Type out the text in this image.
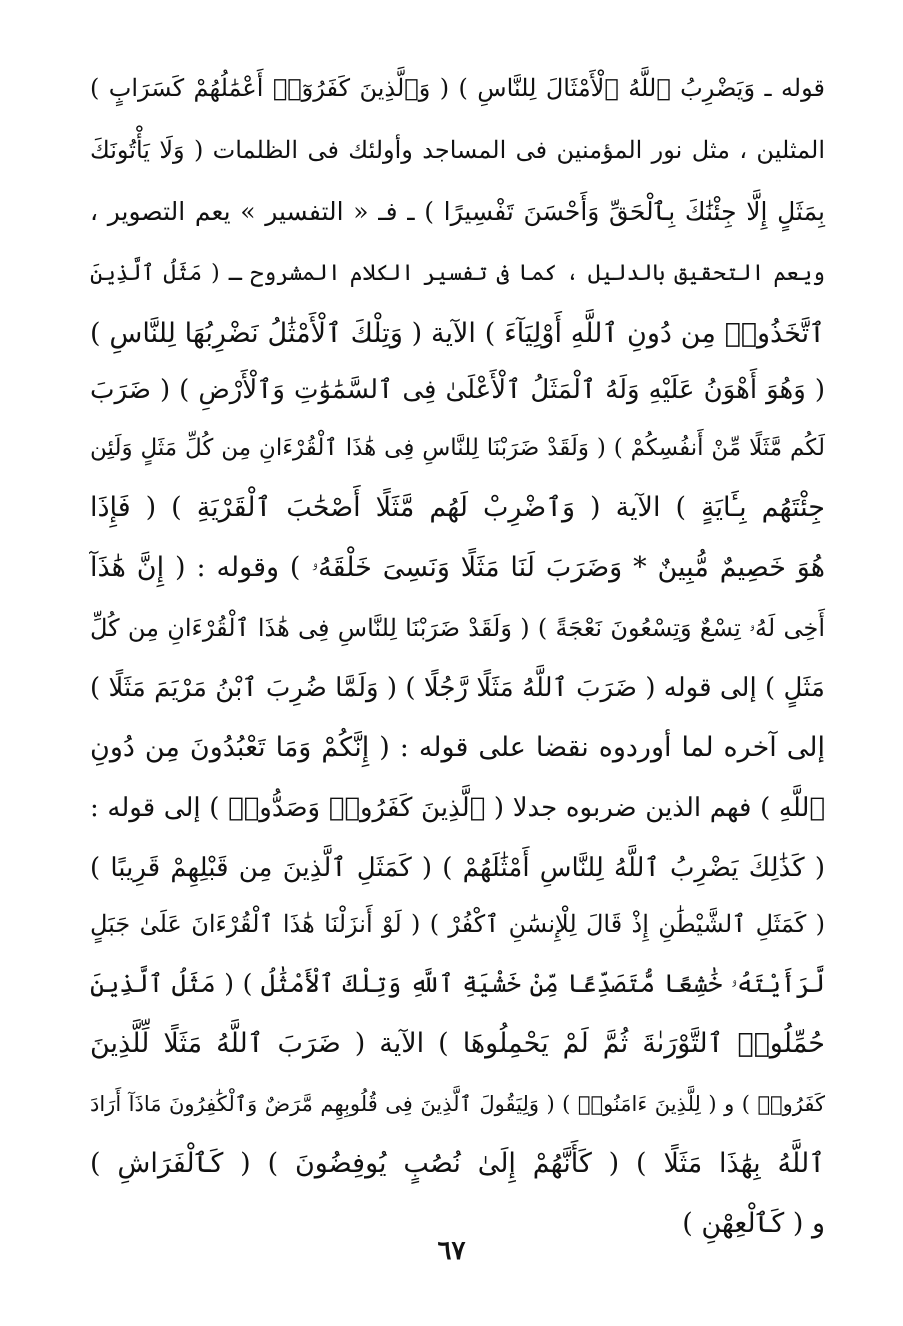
قوله ـ وَيَضْرِبُ ٱللَّهُ ٱلْأَمْثَالَ لِلنَّاسِ ) ( وَٱلَّذِينَ كَفَرُوٓا۟ أَعْمَٰلُهُمْ كَسَرَابٍ )
المثلين ، مثل نور المؤمنين فى المساجد وأولئك فى الظلمات ( وَلَا يَأْتُونَكَ
بِمَثَلٍ إِلَّا جِئْنَٰكَ بِٱلْحَقِّ وَأَحْسَنَ تَفْسِيرًا ) ـ فـ « التفسير » يعم التصوير ،
ويعم التحقيق بالدليل ، كما فى تفسير الكلام المشروح ـ ( مَثَلُ ٱلَّذِينَ
ٱتَّخَذُوا۟ مِن دُونِ ٱللَّهِ أَوْلِيَآءَ ) الآية ( وَتِلْكَ ٱلْأَمْثَٰلُ نَضْرِبُهَا لِلنَّاسِ )
( وَهُوَ أَهْوَنُ عَلَيْهِ وَلَهُ ٱلْمَثَلُ ٱلْأَعْلَىٰ فِى ٱلسَّمَٰوَٰتِ وَٱلْأَرْضِ ) ( ضَرَبَ
لَكُم مَّثَلًا مِّنْ أَنفُسِكُمْ ) ( وَلَقَدْ ضَرَبْنَا لِلنَّاسِ فِى هَٰذَا ٱلْقُرْءَانِ مِن كُلِّ مَثَلٍ وَلَئِن
جِئْتَهُم بِـَٔايَةٍ ) الآية ( وَٱضْرِبْ لَهُم مَّثَلًا أَصْحَٰبَ ٱلْقَرْيَةِ ) ( فَإِذَا
هُوَ خَصِيمٌ مُّبِينٌ * وَضَرَبَ لَنَا مَثَلًا وَنَسِىَ خَلْقَهُۥ ) وقوله : ( إِنَّ هَٰذَآ
أَخِى لَهُۥ تِسْعٌ وَتِسْعُونَ نَعْجَةً ) ( وَلَقَدْ ضَرَبْنَا لِلنَّاسِ فِى هَٰذَا ٱلْقُرْءَانِ مِن كُلِّ
مَثَلٍ ) إلى قوله ( ضَرَبَ ٱللَّهُ مَثَلًا رَّجُلًا ) ( وَلَمَّا ضُرِبَ ٱبْنُ مَرْيَمَ مَثَلًا )
إلى آخره لما أوردوه نقضا على قوله : ( إِنَّكُمْ وَمَا تَعْبُدُونَ مِن دُونِ
ٱللَّهِ ) فهم الذين ضربوه جدلا ( ٱلَّذِينَ كَفَرُوا۟ وَصَدُّوا۟ ) إلى قوله :
( كَذَٰلِكَ يَضْرِبُ ٱللَّهُ لِلنَّاسِ أَمْثَٰلَهُمْ ) ( كَمَثَلِ ٱلَّذِينَ مِن قَبْلِهِمْ قَرِيبًا )
( كَمَثَلِ ٱلشَّيْطَٰنِ إِذْ قَالَ لِلْإِنسَٰنِ ٱكْفُرْ ) ( لَوْ أَنزَلْنَا هَٰذَا ٱلْقُرْءَانَ عَلَىٰ جَبَلٍ
لَّرَأَيْتَهُۥ خَٰشِعًا مُّتَصَدِّعًا مِّنْ خَشْيَةِ ٱللَّهِ وَتِلْكَ ٱلْأَمْثَٰلُ ) ( مَثَلُ ٱلَّذِينَ
حُمِّلُوا۟ ٱلتَّوْرَىٰةَ ثُمَّ لَمْ يَحْمِلُوهَا ) الآية ( ضَرَبَ ٱللَّهُ مَثَلًا لِّلَّذِينَ
كَفَرُوا۟ ) و ( لِلَّذِينَ ءَامَنُوا۟ ) ( وَلِيَقُولَ ٱلَّذِينَ فِى قُلُوبِهِم مَّرَضٌ وَٱلْكَٰفِرُونَ مَاذَآ أَرَادَ
ٱللَّهُ بِهَٰذَا مَثَلًا ) ( كَأَنَّهُمْ إِلَىٰ نُصُبٍ يُوفِضُونَ ) ( كَٱلْفَرَاشِ )
و ( كَٱلْعِهْنِ )
٦٧
